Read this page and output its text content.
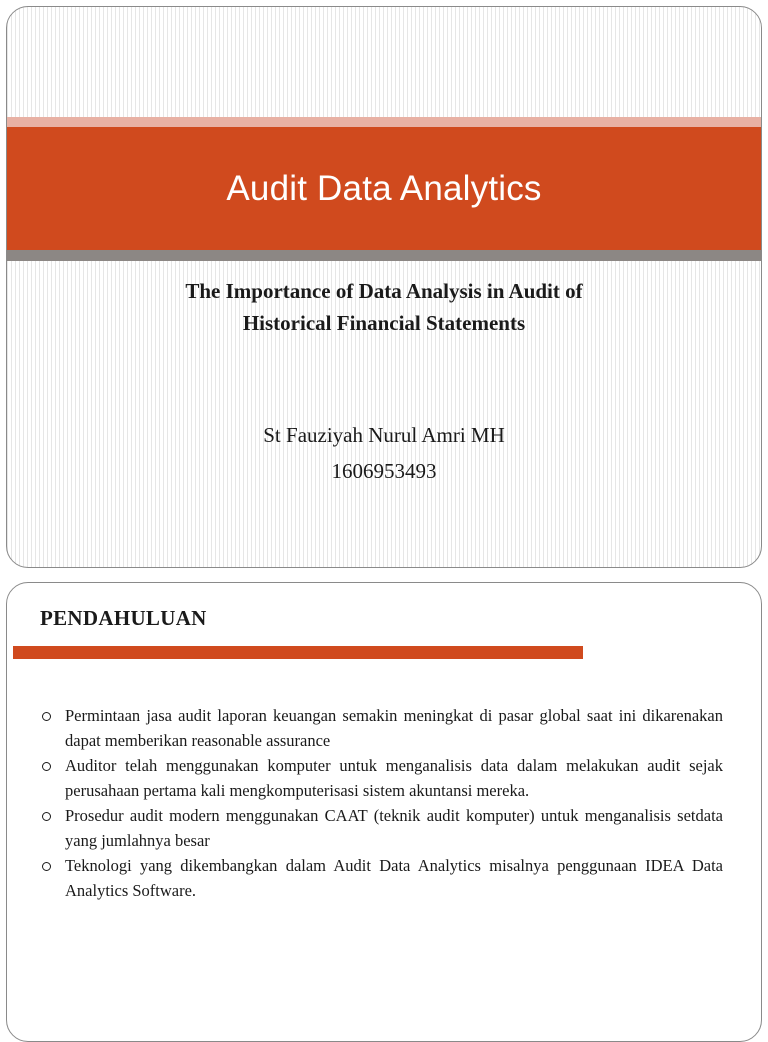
Audit Data Analytics
The Importance of Data Analysis in Audit of
Historical Financial Statements
St Fauziyah Nurul Amri MH
1606953493
PENDAHULUAN
Permintaan jasa audit laporan keuangan semakin meningkat di pasar global saat ini dikarenakan dapat memberikan reasonable assurance
Auditor telah menggunakan komputer untuk menganalisis data dalam melakukan audit sejak perusahaan pertama kali mengkomputerisasi sistem akuntansi mereka.
Prosedur audit modern menggunakan CAAT (teknik audit komputer) untuk menganalisis setdata yang jumlahnya besar
Teknologi yang dikembangkan dalam Audit Data Analytics misalnya penggunaan IDEA Data Analytics Software.
